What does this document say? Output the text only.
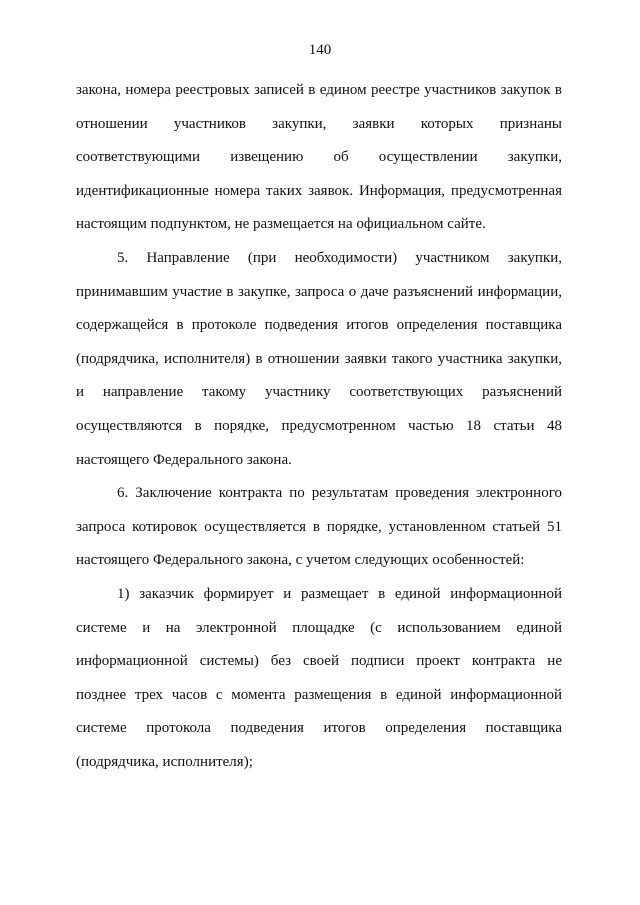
140
закона, номера реестровых записей в едином реестре участников закупок в
отношении участников закупки, заявки которых признаны
соответствующими извещению об осуществлении закупки,
идентификационные номера таких заявок. Информация, предусмотренная
настоящим подпунктом, не размещается на официальном сайте.
5. Направление (при необходимости) участником закупки,
принимавшим участие в закупке, запроса о даче разъяснений информации,
содержащейся в протоколе подведения итогов определения поставщика
(подрядчика, исполнителя) в отношении заявки такого участника закупки,
и направление такому участнику соответствующих разъяснений
осуществляются в порядке, предусмотренном частью 18 статьи 48
настоящего Федерального закона.
6. Заключение контракта по результатам проведения электронного
запроса котировок осуществляется в порядке, установленном статьей 51
настоящего Федерального закона, с учетом следующих особенностей:
1) заказчик формирует и размещает в единой информационной
системе и на электронной площадке (с использованием единой
информационной системы) без своей подписи проект контракта не
позднее трех часов с момента размещения в единой информационной
системе протокола подведения итогов определения поставщика
(подрядчика, исполнителя);
